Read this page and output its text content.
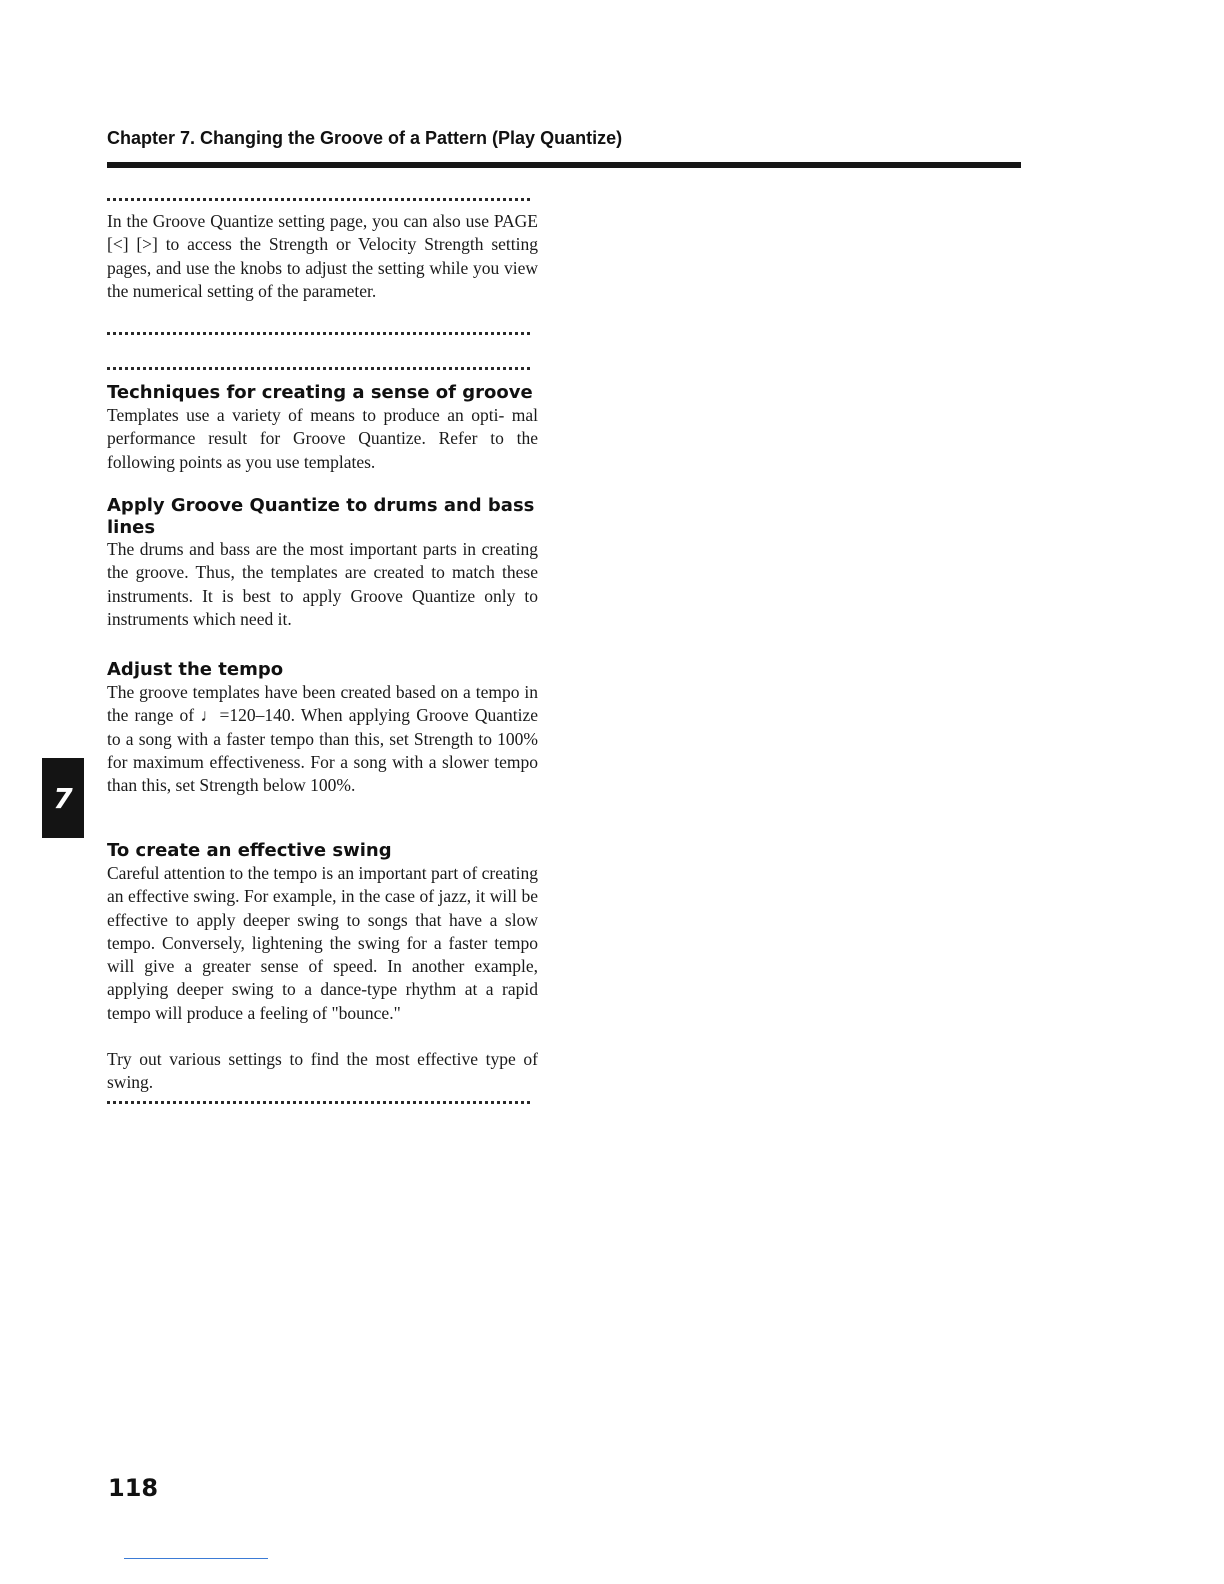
Chapter 7. Changing the Groove of a Pattern (Play Quantize)

In the Groove Quantize setting page, you can also use PAGE [<] [>] to access the Strength or Velocity Strength setting pages, and use the knobs to adjust the setting while you view the numerical setting of the parameter.

Techniques for creating a sense of groove

Templates use a variety of means to produce an opti- mal performance result for Groove Quantize. Refer to the following points as you use templates.

Apply Groove Quantize to drums and bass lines

The drums and bass are the most important parts in creating the groove. Thus, the templates are created to match these instruments. It is best to apply Groove Quantize only to instruments which need it.

Adjust the tempo

The groove templates have been created based on a tempo in the range of ♩=120–140. When applying Groove Quantize to a song with a faster tempo than this, set Strength to 100% for maximum effectiveness. For a song with a slower tempo than this, set Strength below 100%.

To create an effective swing

Careful attention to the tempo is an important part of creating an effective swing. For example, in the case of jazz, it will be effective to apply deeper swing to songs that have a slow tempo. Conversely, lightening the swing for a faster tempo will give a greater sense of speed. In another example, applying deeper swing to a dance-type rhythm at a rapid tempo will produce a feeling of "bounce."

Try out various settings to find the most effective type of swing.

7
118
